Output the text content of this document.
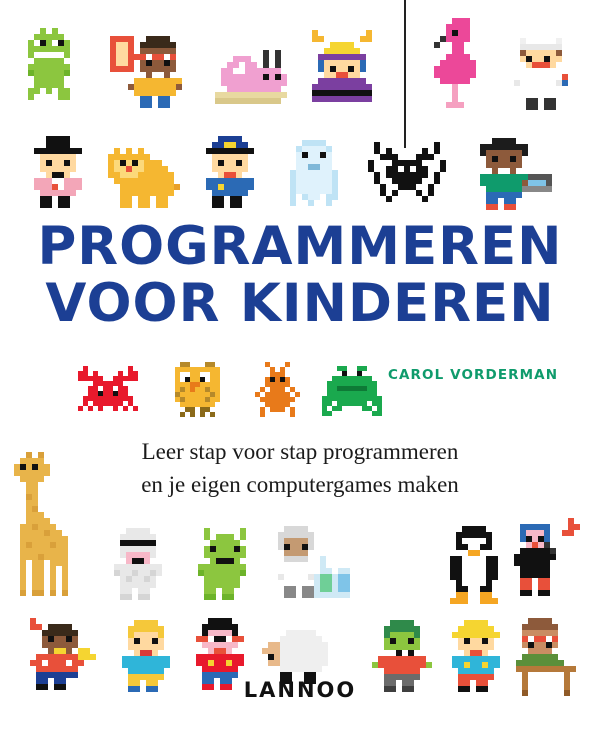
PROGRAMMEREN
VOOR KINDEREN
CAROL VORDERMAN
Leer stap voor stap programmeren
en je eigen computergames maken
LANNOO
